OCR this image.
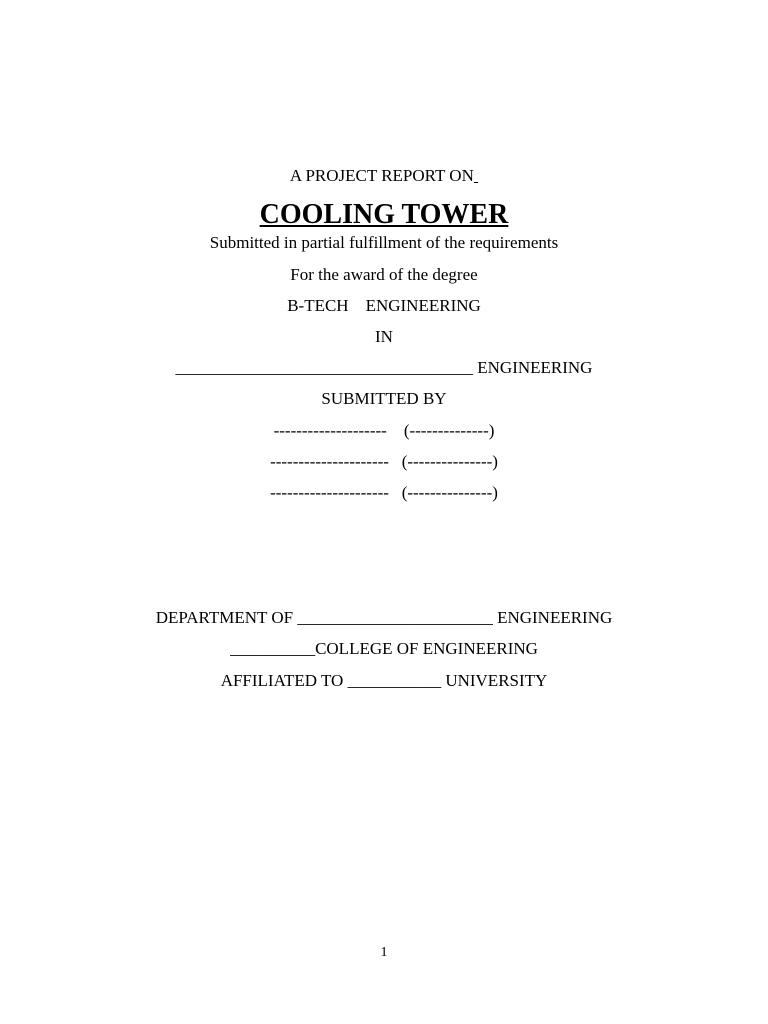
A PROJECT REPORT ON
COOLING TOWER
Submitted in partial fulfillment of the requirements
For the award of the degree
B-TECH    ENGINEERING
IN
___________________________________ ENGINEERING
SUBMITTED BY
--------------------    (--------------)
---------------------   (---------------)
---------------------   (---------------)
DEPARTMENT OF _______________________ ENGINEERING
__________COLLEGE OF ENGINEERING
AFFILIATED TO ___________ UNIVERSITY
1
